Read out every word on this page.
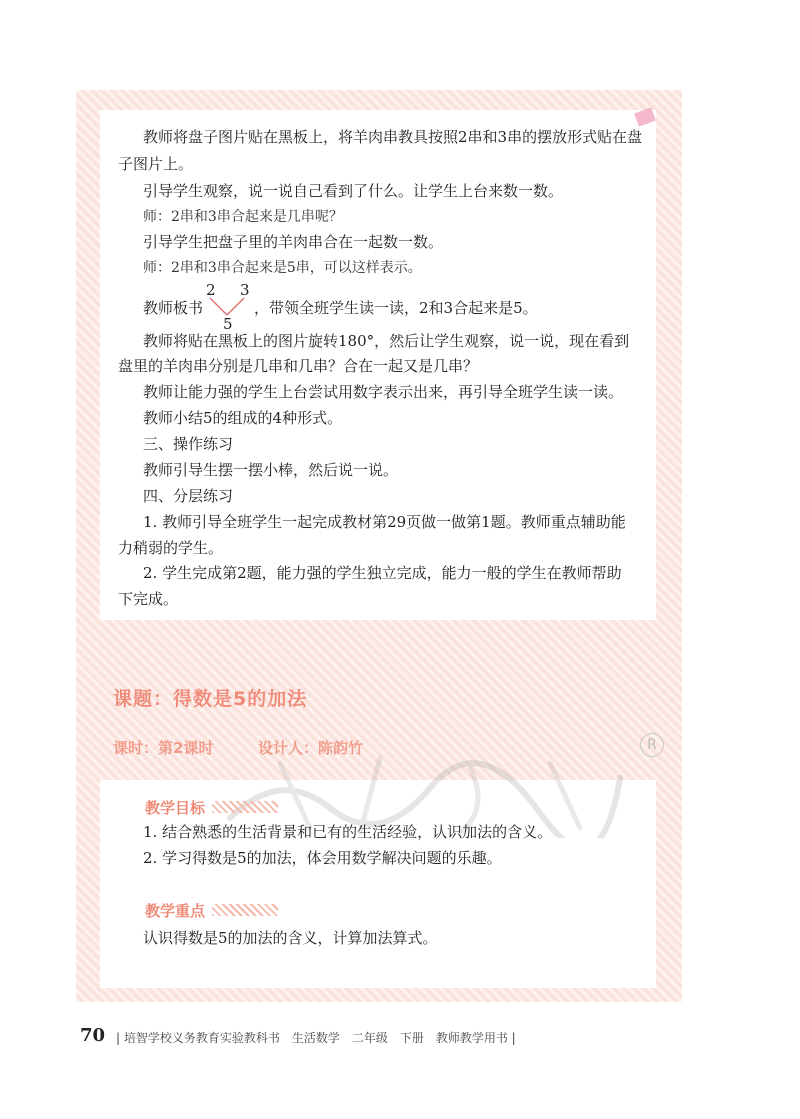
教师将盘子图片贴在黑板上，将羊肉串教具按照2串和3串的摆放形式贴在盘
子图片上。
引导学生观察，说一说自己看到了什么。让学生上台来数一数。
师：2串和3串合起来是几串呢？
引导学生把盘子里的羊肉串合在一起数一数。
师：2串和3串合起来是5串，可以这样表示。
教师板书
2 3
5
，带领全班学生读一读，2和3合起来是5。
教师将贴在黑板上的图片旋转180°，然后让学生观察，说一说，现在看到
盘里的羊肉串分别是几串和几串？合在一起又是几串？
教师让能力强的学生上台尝试用数字表示出来，再引导全班学生读一读。
教师小结5的组成的4种形式。
三、操作练习
教师引导生摆一摆小棒，然后说一说。
四、分层练习
1. 教师引导全班学生一起完成教材第29页做一做第1题。教师重点辅助能
力稍弱的学生。
2. 学生完成第2题，能力强的学生独立完成，能力一般的学生在教师帮助
下完成。
课题：得数是5的加法
课时：第2课时	设计人：陈韵竹	R
教学目标
1. 结合熟悉的生活背景和已有的生活经验，认识加法的含义。
2. 学习得数是5的加法，体会用数学解决问题的乐趣。
教学重点
认识得数是5的加法的含义，计算加法算式。
70 | 培智学校义务教育实验教科书　生活数学　二年级　下册　教师教学用书 |
